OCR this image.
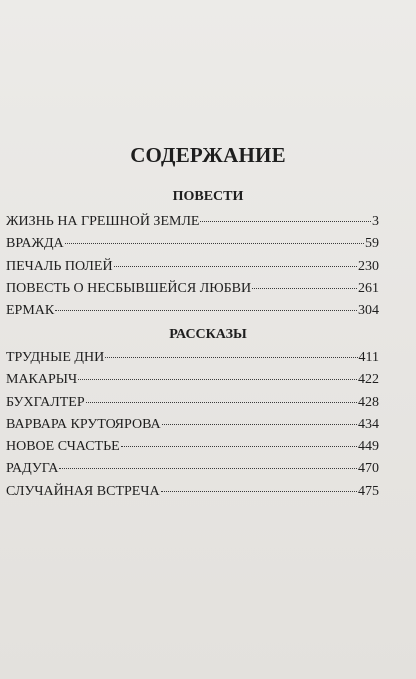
СОДЕРЖАНИЕ
ПОВЕСТИ
ЖИЗНЬ НА ГРЕШНОЙ ЗЕМЛЕ	3
ВРАЖДА	59
ПЕЧАЛЬ ПОЛЕЙ	230
ПОВЕСТЬ О НЕСБЫВШЕЙСЯ ЛЮБВИ	261
ЕРМАК	304
РАССКАЗЫ
ТРУДНЫЕ ДНИ	411
МАКАРЫЧ	422
БУХГАЛТЕР	428
ВАРВАРА КРУТОЯРОВА	434
НОВОЕ СЧАСТЬЕ	449
РАДУГА	470
СЛУЧАЙНАЯ ВСТРЕЧА	475
